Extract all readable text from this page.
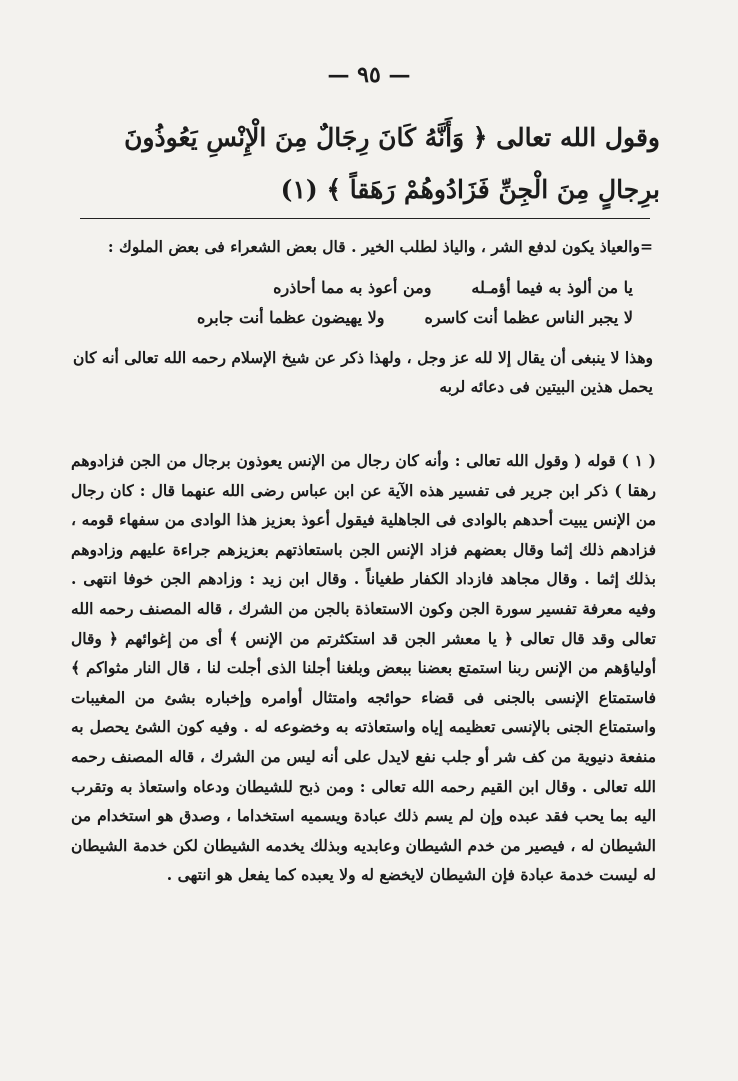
— ٩٥ —
وقول الله تعالى ﴿ وَأَنَّهُ كَانَ رِجَالٌ مِنَ الْإِنْسِ يَعُوذُونَ
برِجالٍ مِنَ الْجِنِّ فَزَادُوهُمْ رَهَقاً ﴾ (١)

=والعياذ يكون لدفع الشر ، والياذ لطلب الخير . قال بعض الشعراء فى بعض الملوك :

يا من ألوذ به فيما أؤمـله
ومن أعوذ به مما أحاذره
لا يجبر الناس عظما أنت كاسره
ولا يهيضون عظما أنت جابره

وهذا لا ينبغى أن يقال إلا لله عز وجل ، ولهذا ذكر عن شيخ الإسلام رحمه الله تعالى أنه كان يحمل هذين البيتين فى دعائه لربه

( ١ ) قوله ( وقول الله تعالى : وأنه كان رجال من الإنس يعوذون برجال من الجن فزادوهم رهقا ) ذكر ابن جرير فى تفسير هذه الآية عن ابن عباس رضى الله عنهما قال : كان رجال من الإنس يبيت أحدهم بالوادى فى الجاهلية فيقول أعوذ بعزيز هذا الوادى من سفهاء قومه ، فزادهم ذلك إثما وقال بعضهم فزاد الإنس الجن باستعاذتهم بعزيزهم جراءة عليهم وزادوهم بذلك إثما . وقال مجاهد فازداد الكفار طغياناً . وقال ابن زيد : وزادهم الجن خوفا انتهى . وفيه معرفة تفسير سورة الجن وكون الاستعاذة بالجن من الشرك ، قاله المصنف رحمه الله تعالى وقد قال تعالى ﴿ يا معشر الجن قد استكثرتم من الإنس ﴾ أى من إغوائهم ﴿ وقال أولياؤهم من الإنس ربنا استمتع بعضنا ببعض وبلغنا أجلنا الذى أجلت لنا ، قال النار مثواكم ﴾ فاستمتاع الإنسى بالجنى فى قضاء حوائجه وامتثال أوامره وإخباره بشئ من المغيبات واستمتاع الجنى بالإنسى تعظيمه إياه واستعاذته به وخضوعه له . وفيه كون الشئ يحصل به منفعة دنيوية من كف شر أو جلب نفع لايدل على أنه ليس من الشرك ، قاله المصنف رحمه الله تعالى . وقال ابن القيم رحمه الله تعالى : ومن ذبح للشيطان ودعاه واستعاذ به وتقرب اليه بما يحب فقد عبده وإن لم يسم ذلك عبادة ويسميه استخداما ، وصدق هو استخدام من الشيطان له ، فيصير من خدم الشيطان وعابديه وبذلك يخدمه الشيطان لكن خدمة الشيطان له ليست خدمة عبادة فإن الشيطان لايخضع له ولا يعبده كما يفعل هو انتهى .
